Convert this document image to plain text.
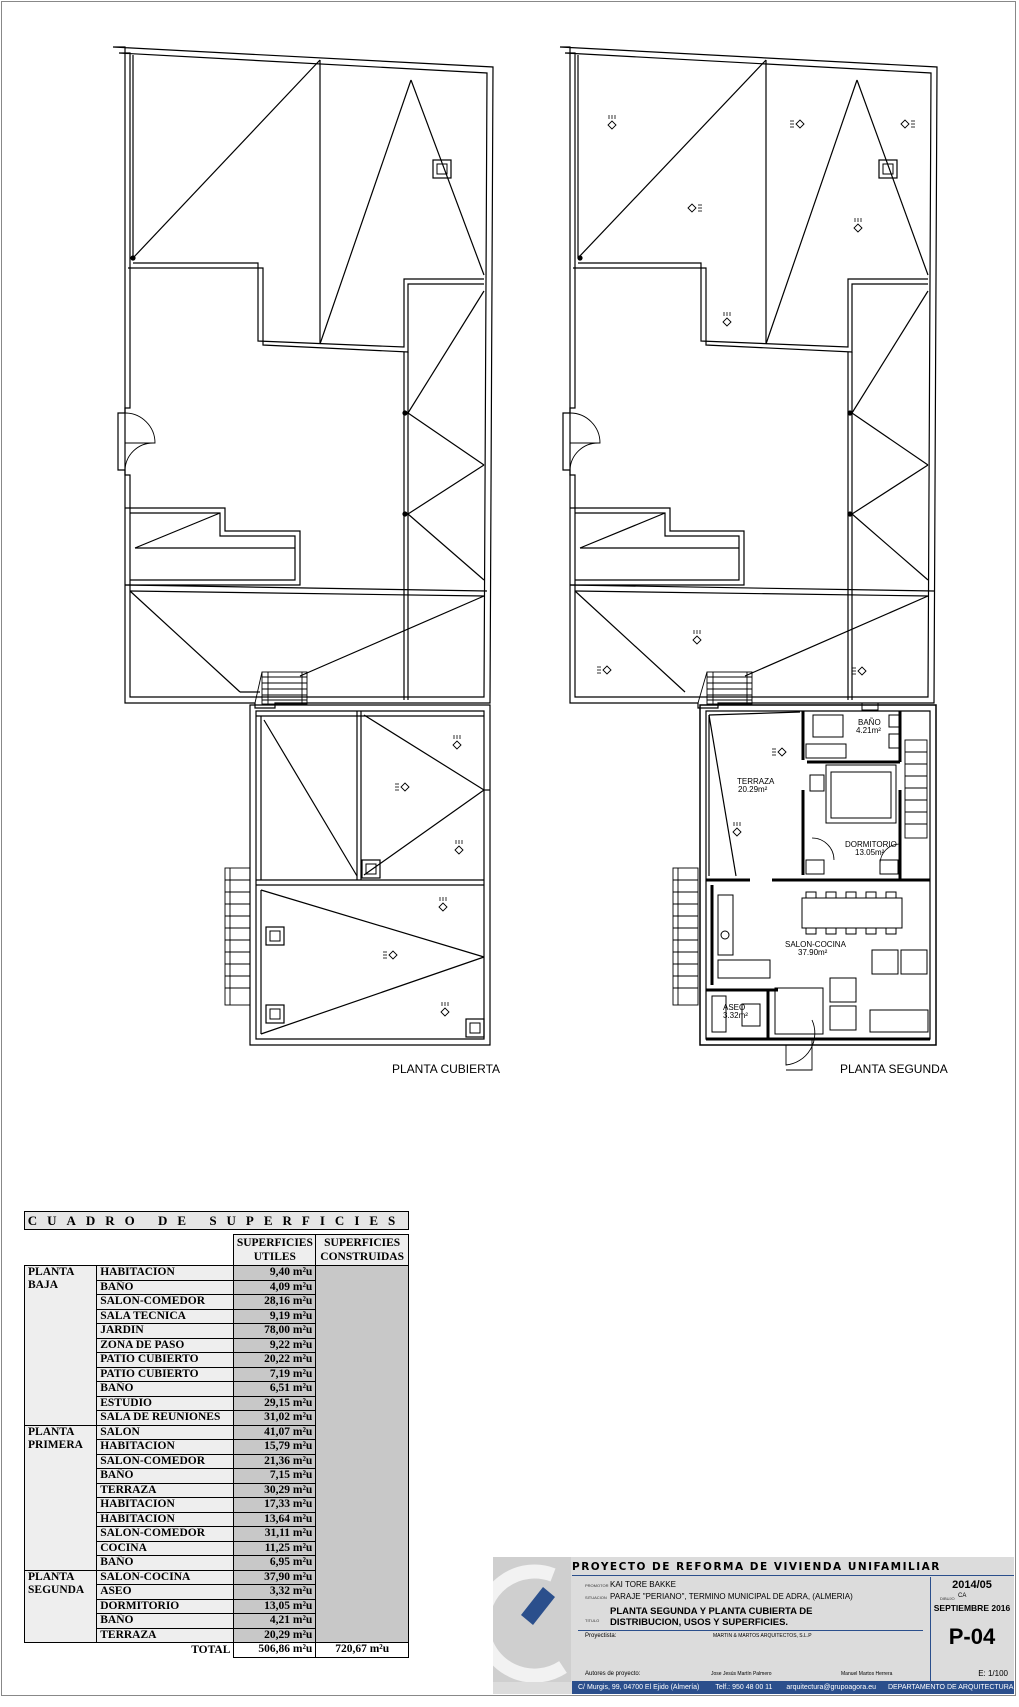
BAÑO
4.21m²
TERRAZA
20.29m²
DORMITORIO
13.05m²
SALON-COCINA
37.90m²
ASEO
3.32m²
PLANTA CUBIERTA	PLANTA SEGUNDA
CUADRO DE SUPERFICIES
		SUPERFICIES UTILES	SUPERFICIES CONSTRUIDAS
PLANTA BAJA	HABITACION	9,40 m²u	
	BAÑO	4,09 m²u	
	SALON-COMEDOR	28,16 m²u	
	SALA TECNICA	9,19 m²u	
	JARDIN	78,00 m²u	
	ZONA DE PASO	9,22 m²u	
	PATIO CUBIERTO	20,22 m²u	
	PATIO CUBIERTO	7,19 m²u	
	BAÑO	6,51 m²u	
	ESTUDIO	29,15 m²u	
	SALA DE REUNIONES	31,02 m²u	
PLANTA PRIMERA	SALON	41,07 m²u	
	HABITACION	15,79 m²u	
	SALON-COMEDOR	21,36 m²u	
	BAÑO	7,15 m²u	
	TERRAZA	30,29 m²u	
	HABITACION	17,33 m²u	
	HABITACION	13,64 m²u	
	SALON-COMEDOR	31,11 m²u	
	COCINA	11,25 m²u	
	BAÑO	6,95 m²u	
PLANTA SEGUNDA	SALON-COCINA	37,90 m²u	
	ASEO	3,32 m²u	
	DORMITORIO	13,05 m²u	
	BAÑO	4,21 m²u	
	TERRAZA	20,29 m²u	
	TOTAL	506,86 m²u	720,67 m²u
PROYECTO DE REFORMA DE VIVIENDA UNIFAMILIAR
PROMOTOR KAI TORE BAKKE
SITUACION PARAJE "PERIANO", TERMINO MUNICIPAL DE ADRA, (ALMERIA)
TITULO
PLANTA SEGUNDA Y PLANTA CUBIERTA DE
DISTRIBUCION, USOS Y SUPERFICIES.
Proyectista:	MARTIN & MARTOS ARQUITECTOS, S.L.P
Autores de proyecto:	Jose Jesús Martín Palmero	Manuel Martos Herrera
2014/05
DIBUJO CA
SEPTIEMBRE 2016
P-04
E: 1/100
C/ Murgis, 99, 04700 El Ejido (Almería) Telf.: 950 48 00 11 arquitectura@grupoagora.eu DEPARTAMENTO DE ARQUITECTURA Y URBANISMO
